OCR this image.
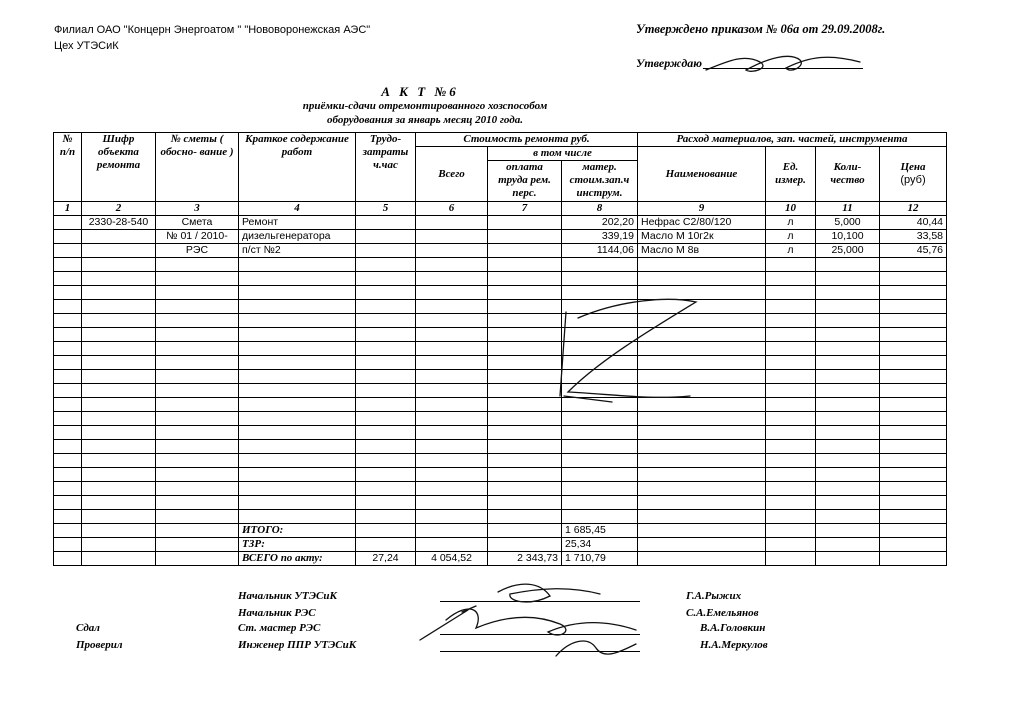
Филиал ОАО "Концерн Энергоатом " "Нововоронежская АЭС"
Цех УТЭСиК
Утверждено приказом № 06а от 29.09.2008г.
Утверждаю
А К Т №6
приёмки-сдачи отремонтированного хозспособом
оборудования за январь месяц 2010 года.
№ п/п	Шифр объекта ремонта	№ сметы ( обосно- вание )	Краткое содержание работ	Трудо- затраты ч.час	Стоимость ремонта руб.			Расход материалов, зап. частей, инструмента			
					Всего	в том числе		Наименование	Ед. измер.	Коли- чество	Цена
(руб)

						оплата труда рем. перс.	матер. стоим.зап.ч инструм.				

1	2	3	4	5	6	7	8	9	10	11	12
	2330-28-540	Смета	Ремонт				202,20	Нефрас С2/80/120	л	5,000	40,44
		№ 01 / 2010-	дизельгенератора				339,19	Масло М 10г2к	л	10,100	33,58
		РЭС	п/ст №2				1144,06	Масло М 8в	л	25,000	45,76

			ИТОГО:				1 685,45				
			ТЗР:				25,34				
			ВСЕГО по акту:	27,24	4 054,52	2 343,73	1 710,79				
Начальник УТЭСиК	Г.А.Рыжих
Начальник РЭС	С.А.Емельянов
Сдал	Ст. мастер РЭС	В.А.Головкин
Проверил	Инженер ППР УТЭСиК	Н.А.Меркулов
